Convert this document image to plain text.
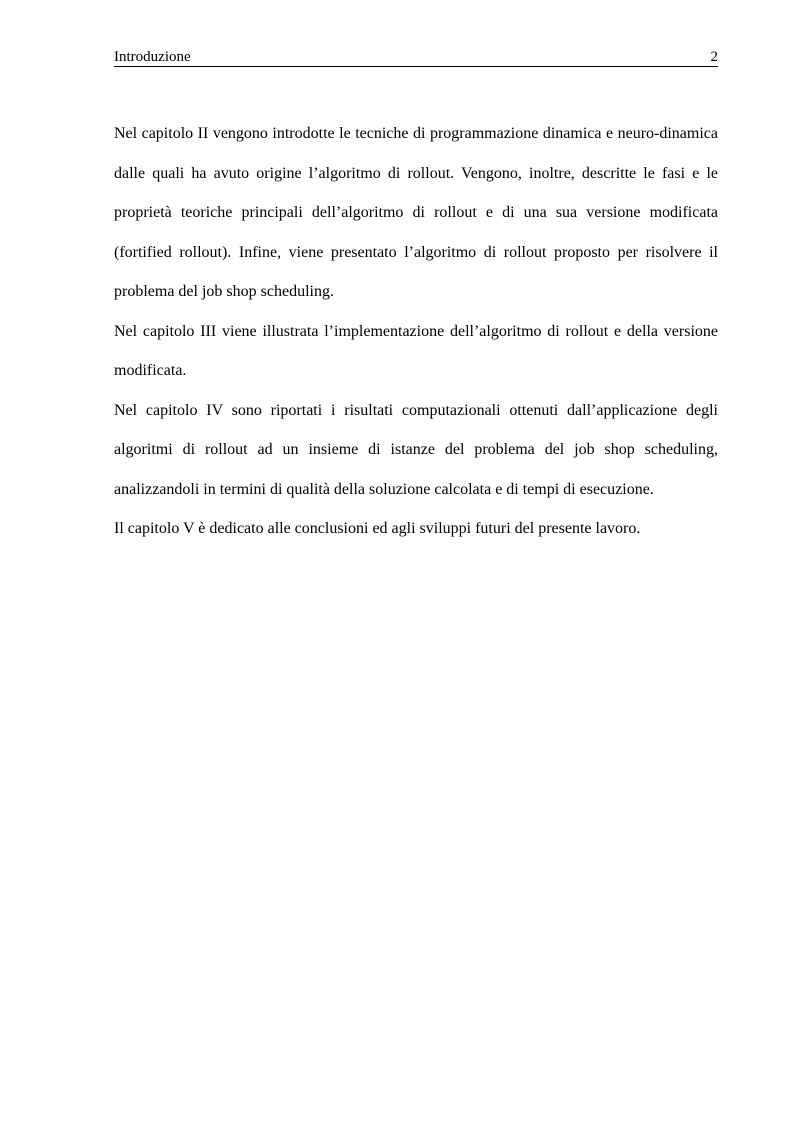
Introduzione	2

Nel capitolo II vengono introdotte le tecniche di programmazione dinamica e neuro-dinamica dalle quali ha avuto origine l’algoritmo di rollout. Vengono, inoltre, descritte le fasi e le proprietà teoriche principali dell’algoritmo di rollout e di una sua versione modificata (fortified rollout). Infine, viene presentato l’algoritmo di rollout proposto per risolvere il problema del job shop scheduling.

Nel capitolo III viene illustrata l’implementazione dell’algoritmo di rollout e della versione modificata.

Nel capitolo IV sono riportati i risultati computazionali ottenuti dall’applicazione degli algoritmi di rollout ad un insieme di istanze del problema del job shop scheduling, analizzandoli in termini di qualità della soluzione calcolata e di tempi di esecuzione.

Il capitolo V è dedicato alle conclusioni ed agli sviluppi futuri del presente lavoro.
